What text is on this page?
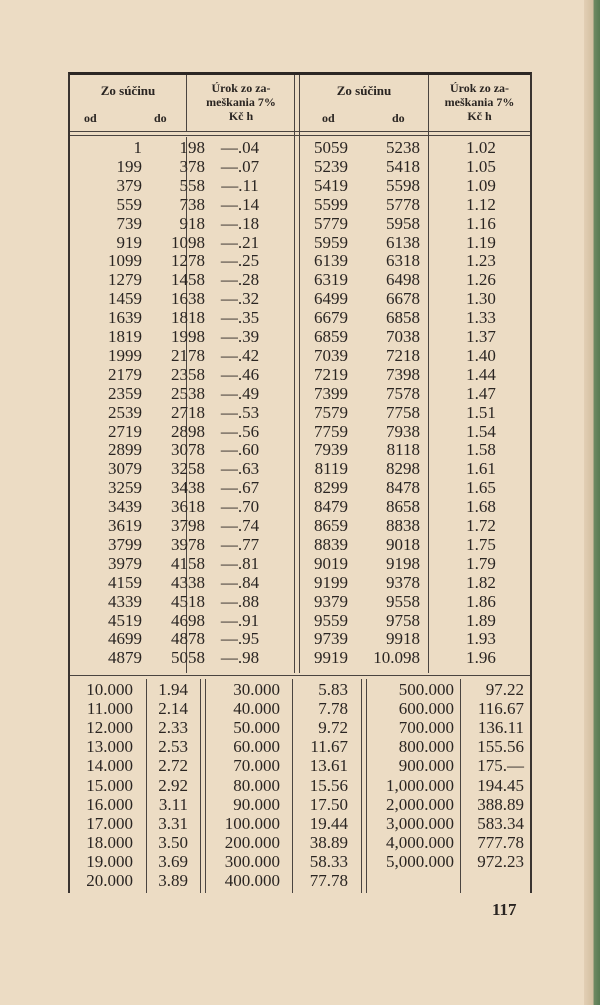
Zo súčinu
od	do
Úrok zo za-
meškania 7%
Kč h
Zo súčinu
od	do
Úrok zo za-
meškania 7%
Kč h
1 198 —.04	5059 5238	1.02
199 378 —.07	5239 5418	1.05
379 558 —.11	5419 5598	1.09
559 738 —.14	5599 5778	1.12
739 918 —.18	5779 5958	1.16
919 1098 —.21	5959 6138	1.19
1099 1278 —.25	6139 6318	1.23
1279 1458 —.28	6319 6498	1.26
1459 1638 —.32	6499 6678	1.30
1639 1818 —.35	6679 6858	1.33
1819 1998 —.39	6859 7038	1.37
1999 2178 —.42	7039 7218	1.40
2179 2358 —.46	7219 7398	1.44
2359 2538 —.49	7399 7578	1.47
2539 2718 —.53	7579 7758	1.51
2719 2898 —.56	7759 7938	1.54
2899 3078 —.60	7939 8118	1.58
3079 3258 —.63	8119 8298	1.61
3259 3438 —.67	8299 8478	1.65
3439 3618 —.70	8479 8658	1.68
3619 3798 —.74	8659 8838	1.72
3799 3978 —.77	8839 9018	1.75
3979 4158 —.81	9019 9198	1.79
4159 4338 —.84	9199 9378	1.82
4339 4518 —.88	9379 9558	1.86
4519 4698 —.91	9559 9758	1.89
4699 4878 —.95	9739 9918	1.93
4879 5058 —.98	9919 10.098	1.96
10.000 1.94	30.000 5.83	500.000 97.22
11.000 2.14	40.000 7.78	600.000 116.67
12.000 2.33	50.000 9.72	700.000 136.11
13.000 2.53	60.000 11.67	800.000 155.56
14.000 2.72	70.000 13.61	900.000 175.—
15.000 2.92	80.000 15.56 1,000.000 194.45
16.000 3.11	90.000 17.50 2,000.000 388.89
17.000 3.31 100.000 19.44 3,000.000 583.34
18.000 3.50 200.000 38.89 4,000.000 777.78
19.000 3.69 300.000 58.33 5,000.000 972.23
20.000 3.89 400.000 77.78
117
